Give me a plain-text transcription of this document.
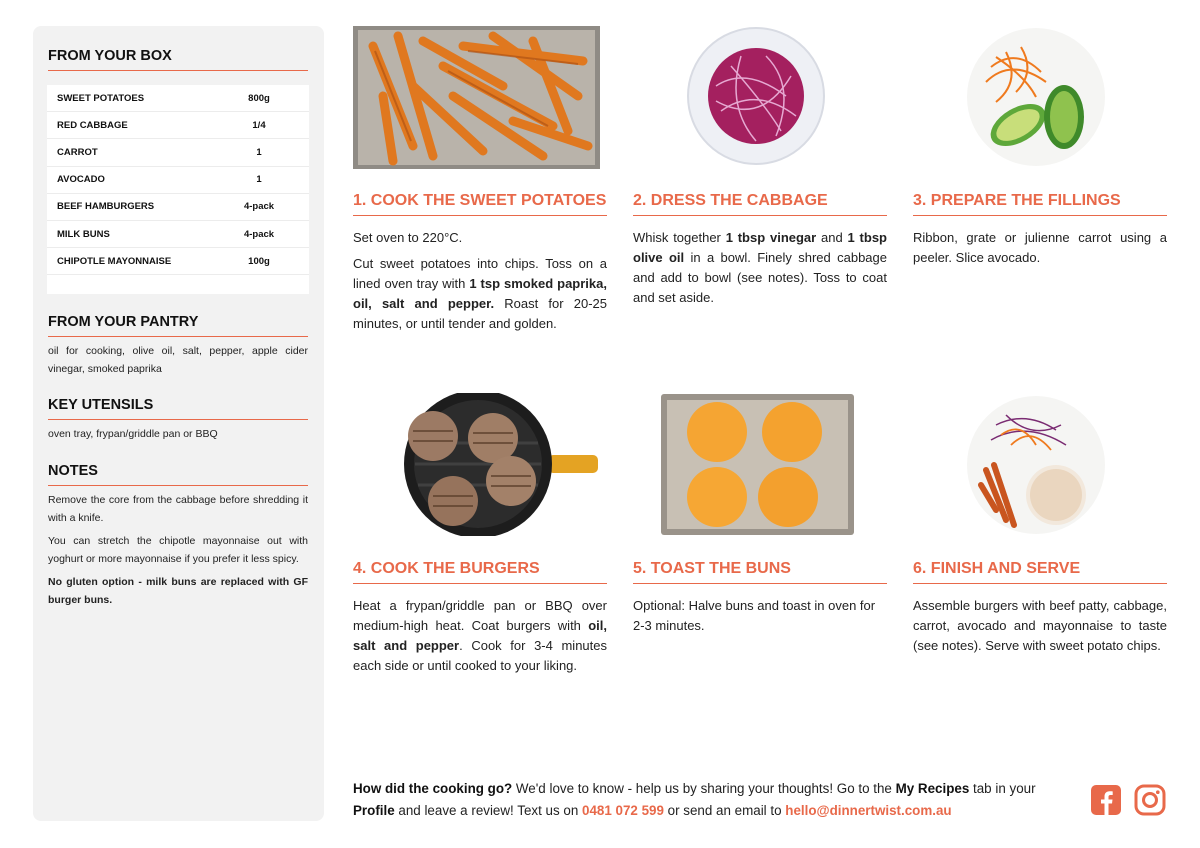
FROM YOUR BOX
SWEET POTATOES	800g
RED CABBAGE	1/4
CARROT	1
AVOCADO	1
BEEF HAMBURGERS	4-pack
MILK BUNS	4-pack
CHIPOTLE MAYONNAISE	100g
FROM YOUR PANTRY
oil for cooking, olive oil, salt, pepper, apple cider vinegar, smoked paprika
KEY UTENSILS
oven tray, frypan/griddle pan or BBQ
NOTES

Remove the core from the cabbage before shredding it with a knife.

You can stretch the chipotle mayonnaise out with yoghurt or more mayonnaise if you prefer it less spicy.

No gluten option - milk buns are replaced with GF burger buns.

1. COOK THE SWEET POTATOES

Set oven to 220°C.

Cut sweet potatoes into chips. Toss on a lined oven tray with 1 tsp smoked paprika, oil, salt and pepper. Roast for 20-25 minutes, or until tender and golden.

2. DRESS THE CABBAGE

Whisk together 1 tbsp vinegar and 1 tbsp olive oil in a bowl. Finely shred cabbage and add to bowl (see notes). Toss to coat and set aside.

3. PREPARE THE FILLINGS

Ribbon, grate or julienne carrot using a peeler. Slice avocado.

4. COOK THE BURGERS

Heat a frypan/griddle pan or BBQ over medium-high heat. Coat burgers with oil, salt and pepper. Cook for 3-4 minutes each side or until cooked to your liking.

5. TOAST THE BUNS

Optional: Halve buns and toast in oven for 2-3 minutes.

6. FINISH AND SERVE

Assemble burgers with beef patty, cabbage, carrot, avocado and mayonnaise to taste (see notes). Serve with sweet potato chips.

How did the cooking go? We'd love to know - help us by sharing your thoughts! Go to the My Recipes tab in your Profile and leave a review! Text us on 0481 072 599 or send an email to hello@dinnertwist.com.au
